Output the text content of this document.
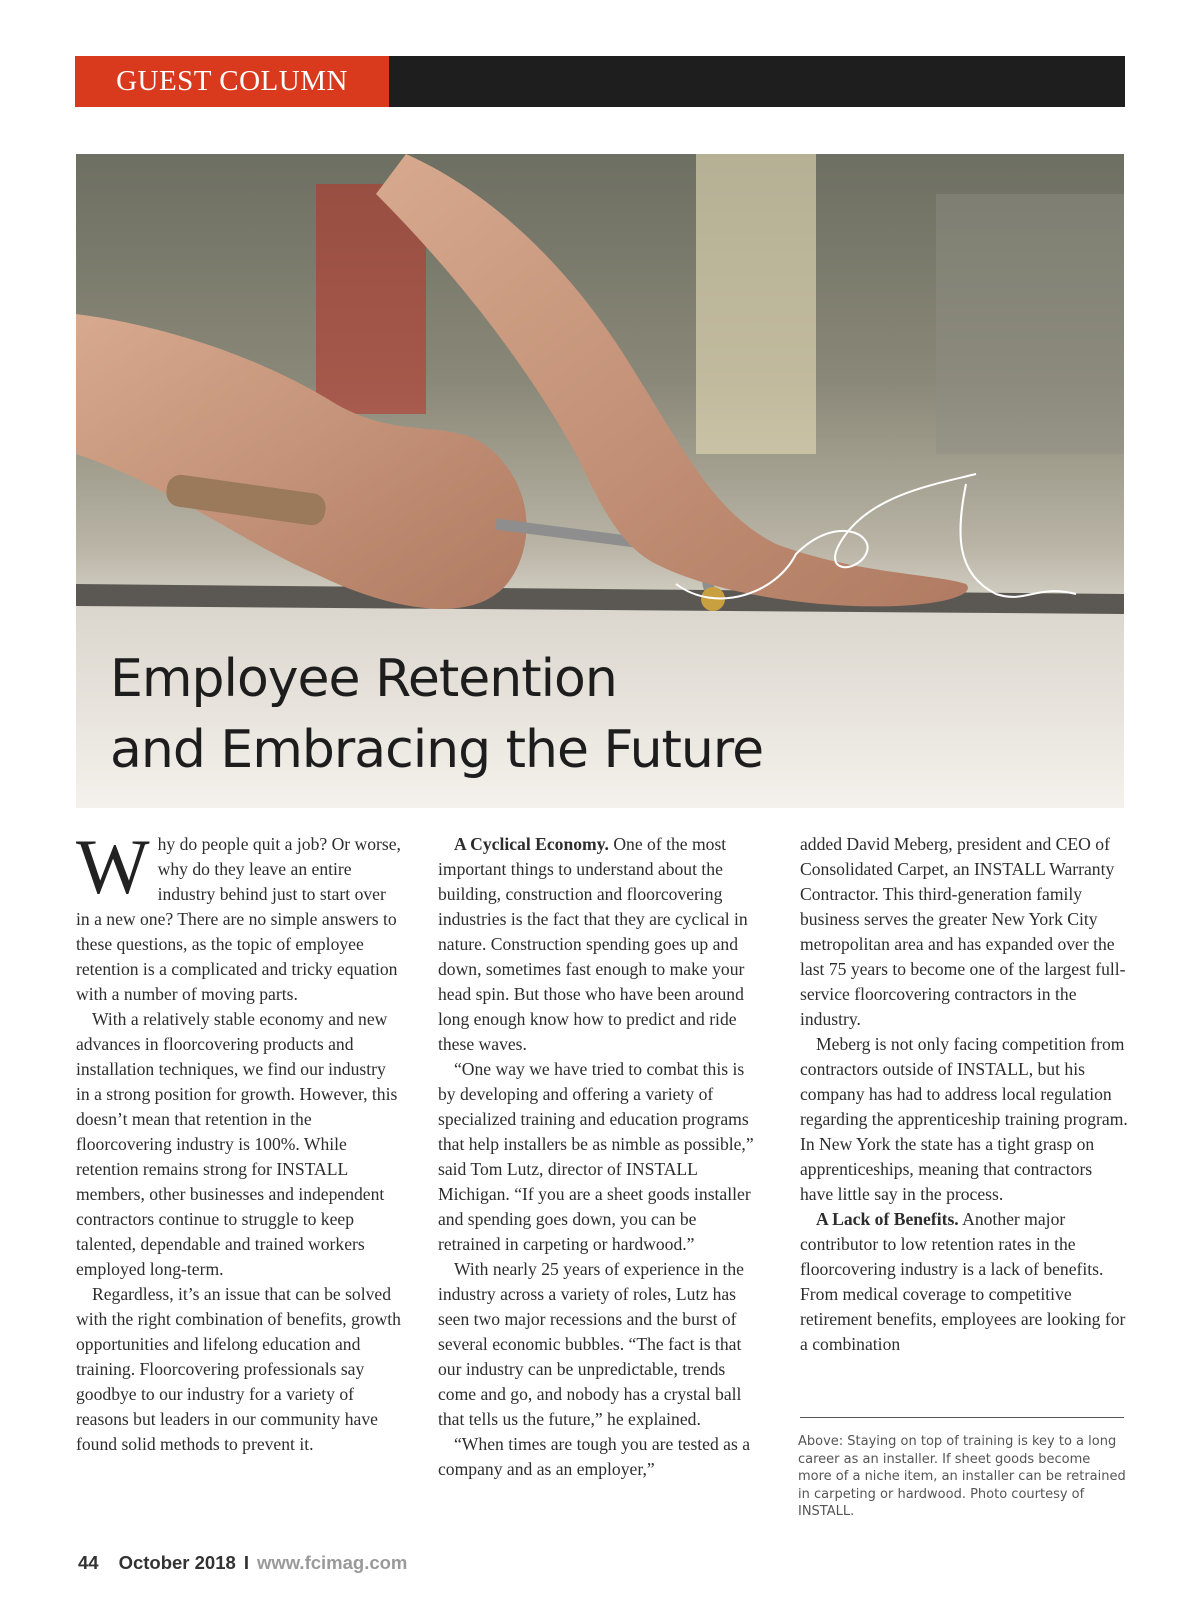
GUEST COLUMN
Employee Retention
and Embracing the Future

Why do people quit a job? Or worse, why do they leave an entire industry behind just to start over in a new one? There are no simple answers to these questions, as the topic of employee retention is a complicated and tricky equation with a number of moving parts.

With a relatively stable economy and new advances in floorcovering products and installation techniques, we find our industry in a strong position for growth. However, this doesn’t mean that retention in the floorcovering industry is 100%. While retention remains strong for INSTALL members, other businesses and independent contractors continue to struggle to keep talented, dependable and trained workers employed long-term.

Regardless, it’s an issue that can be solved with the right combination of benefits, growth opportunities and lifelong education and training. Floorcovering professionals say goodbye to our industry for a variety of reasons but leaders in our community have found solid methods to prevent it.

A Cyclical Economy. One of the most important things to understand about the building, construction and floorcovering industries is the fact that they are cyclical in nature. Construction spending goes up and down, sometimes fast enough to make your head spin. But those who have been around long enough know how to predict and ride these waves.

“One way we have tried to combat this is by developing and offering a variety of specialized training and education programs that help installers be as nimble as possible,” said Tom Lutz, director of INSTALL Michigan. “If you are a sheet goods installer and spending goes down, you can be retrained in carpeting or hardwood.”

With nearly 25 years of experience in the industry across a variety of roles, Lutz has seen two major recessions and the burst of several economic bubbles. “The fact is that our industry can be unpredictable, trends come and go, and nobody has a crystal ball that tells us the future,” he explained.

“When times are tough you are tested as a company and as an employer,”

added David Meberg, president and CEO of Consolidated Carpet, an INSTALL Warranty Contractor. This third-generation family business serves the greater New York City metropolitan area and has expanded over the last 75 years to become one of the largest full-service floorcovering contractors in the industry.

Meberg is not only facing competition from contractors outside of INSTALL, but his company has had to address local regulation regarding the apprenticeship training program. In New York the state has a tight grasp on apprenticeships, meaning that contractors have little say in the process.

A Lack of Benefits. Another major contributor to low retention rates in the floorcovering industry is a lack of benefits. From medical coverage to competitive retirement benefits, employees are looking for a combination

Above: Staying on top of training is key to a long career as an installer. If sheet goods become more of a niche item, an installer can be retrained in carpeting or hardwood. Photo courtesy of INSTALL.
44 October 2018 I www.fcimag.com
